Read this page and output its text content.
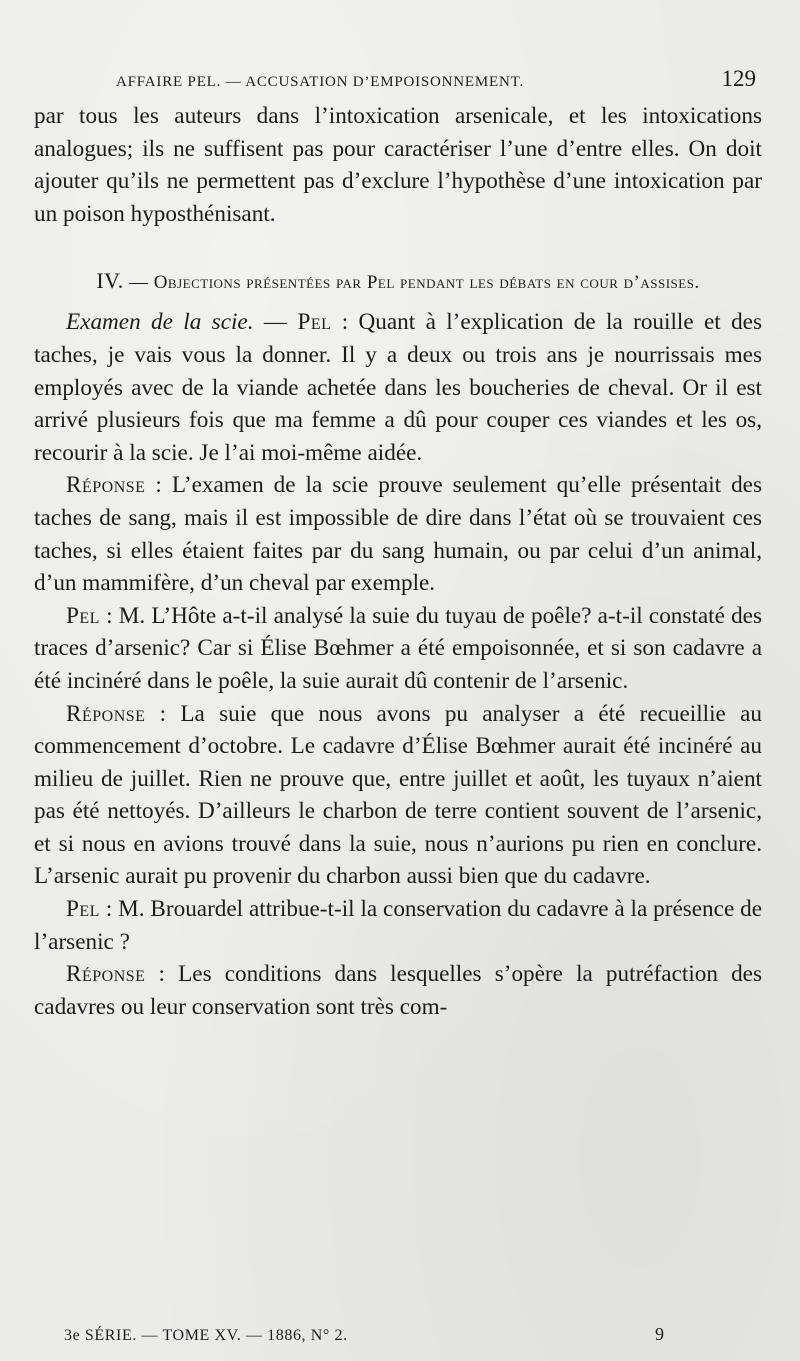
AFFAIRE PEL. — ACCUSATION D’EMPOISONNEMENT.	129

par tous les auteurs dans l’intoxication arsenicale, et les intoxications analogues; ils ne suffisent pas pour caractériser l’une d’entre elles. On doit ajouter qu’ils ne permettent pas d’exclure l’hypothèse d’une intoxication par un poison hyposthénisant.

IV. — Objections présentées par Pel pendant les débats en cour d’assises.

Examen de la scie. — Pel : Quant à l’explication de la rouille et des taches, je vais vous la donner. Il y a deux ou trois ans je nourrissais mes employés avec de la viande achetée dans les boucheries de cheval. Or il est arrivé plusieurs fois que ma femme a dû pour couper ces viandes et les os, recourir à la scie. Je l’ai moi-même aidée.

Réponse : L’examen de la scie prouve seulement qu’elle présentait des taches de sang, mais il est impossible de dire dans l’état où se trouvaient ces taches, si elles étaient faites par du sang humain, ou par celui d’un animal, d’un mammifère, d’un cheval par exemple.

Pel : M. L’Hôte a-t-il analysé la suie du tuyau de poêle? a-t-il constaté des traces d’arsenic? Car si Élise Bœhmer a été empoisonnée, et si son cadavre a été incinéré dans le poêle, la suie aurait dû contenir de l’arsenic.

Réponse : La suie que nous avons pu analyser a été recueillie au commencement d’octobre. Le cadavre d’Élise Bœhmer aurait été incinéré au milieu de juillet. Rien ne prouve que, entre juillet et août, les tuyaux n’aient pas été nettoyés. D’ailleurs le charbon de terre contient souvent de l’arsenic, et si nous en avions trouvé dans la suie, nous n’aurions pu rien en conclure. L’arsenic aurait pu provenir du charbon aussi bien que du cadavre.

Pel : M. Brouardel attribue-t-il la conservation du cadavre à la présence de l’arsenic ?

Réponse : Les conditions dans lesquelles s’opère la putréfaction des cadavres ou leur conservation sont très com-

3e SÉRIE. — TOME XV. — 1886, N° 2.	9
